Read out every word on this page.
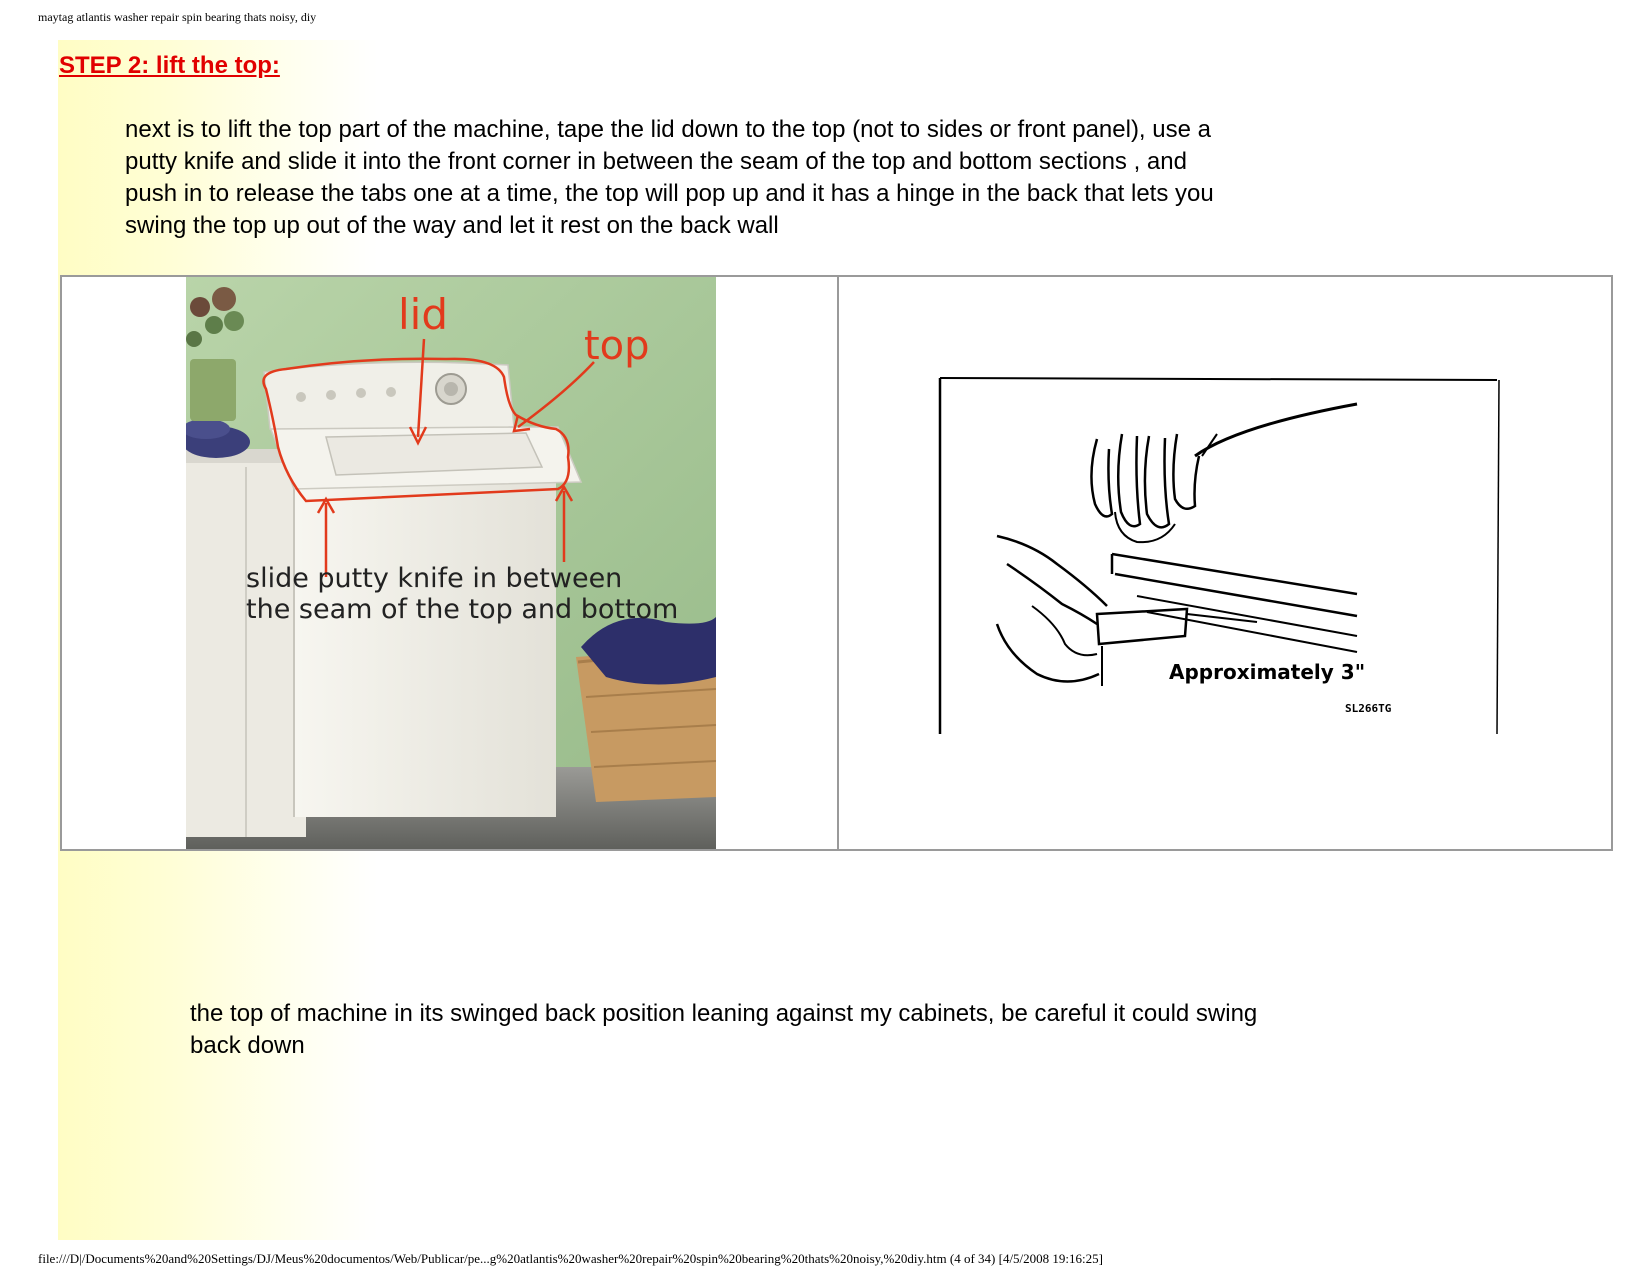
maytag atlantis washer repair spin bearing thats noisy, diy
STEP 2: lift the top:
next is to lift the top part of the machine, tape the lid down to the top (not to sides or front panel), use a putty knife and slide it into the front corner in between the seam of the top and bottom sections , and push in to release the tabs one at a time, the top will pop up and it has a hinge in the back that lets you swing the top up out of the way and let it rest on the back wall
lid
top
slide putty knife in between
the seam of the top and bottom
Approximately 3"
SL266TG
the top of machine in its swinged back position leaning against my cabinets, be careful it could swing back down
file:///D|/Documents%20and%20Settings/DJ/Meus%20documentos/Web/Publicar/pe...g%20atlantis%20washer%20repair%20spin%20bearing%20thats%20noisy,%20diy.htm (4 of 34) [4/5/2008 19:16:25]
